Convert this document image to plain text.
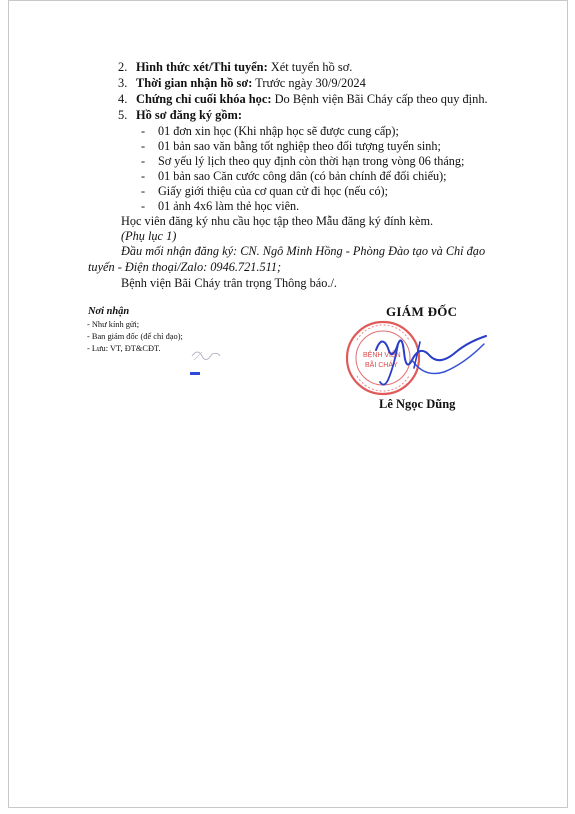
2. Hình thức xét/Thi tuyển: Xét tuyển hồ sơ.
3. Thời gian nhận hồ sơ: Trước ngày 30/9/2024
4. Chứng chỉ cuối khóa học: Do Bệnh viện Bãi Cháy cấp theo quy định.
5. Hồ sơ đăng ký gồm:
- 01 đơn xin học (Khi nhập học sẽ được cung cấp);
- 01 bản sao văn bằng tốt nghiệp theo đối tượng tuyển sinh;
- Sơ yếu lý lịch theo quy định còn thời hạn trong vòng 06 tháng;
- 01 bản sao Căn cước công dân (có bản chính để đối chiếu);
- Giấy giới thiệu của cơ quan cử đi học (nếu có);
- 01 ảnh 4x6 làm thẻ học viên.
Học viên đăng ký nhu cầu học tập theo Mẫu đăng ký đính kèm.
(Phụ lục 1)
Đầu mối nhận đăng ký: CN. Ngô Minh Hồng - Phòng Đào tạo và Chỉ đạo
tuyến - Điện thoại/Zalo: 0946.721.511;
Bệnh viện Bãi Cháy trân trọng Thông báo./.
Nơi nhận
- Như kính gửi;
- Ban giám đốc (để chỉ đạo);
- Lưu: VT, ĐT&CĐT.
GIÁM ĐỐC
BỆNH VIỆN
BÃI CHÁY
Lê Ngọc Dũng
